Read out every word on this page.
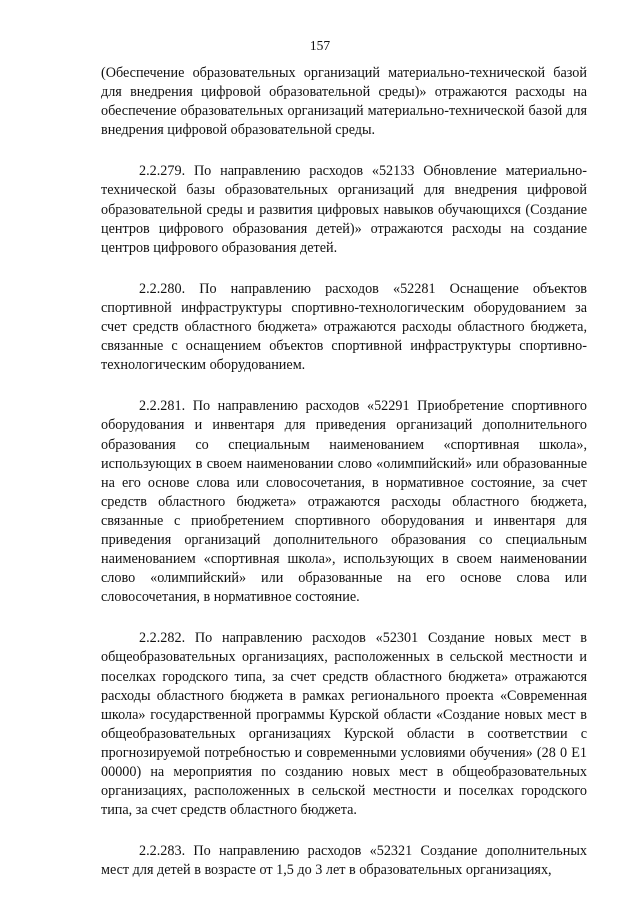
157

(Обеспечение образовательных организаций материально-технической базой для внедрения цифровой образовательной среды)» отражаются расходы на обеспечение образовательных организаций материально-технической базой для внедрения цифровой образовательной среды.

2.2.279. По направлению расходов «52133 Обновление материально-технической базы образовательных организаций для внедрения цифровой образовательной среды и развития цифровых навыков обучающихся (Создание центров цифрового образования детей)» отражаются расходы на создание центров цифрового образования детей.

2.2.280. По направлению расходов «52281 Оснащение объектов спортивной инфраструктуры спортивно-технологическим оборудованием за счет средств областного бюджета» отражаются расходы областного бюджета, связанные с оснащением объектов спортивной инфраструктуры спортивно-технологическим оборудованием.

2.2.281. По направлению расходов «52291 Приобретение спортивного оборудования и инвентаря для приведения организаций дополнительного образования со специальным наименованием «спортивная школа», использующих в своем наименовании слово «олимпийский» или образованные на его основе слова или словосочетания, в нормативное состояние, за счет средств областного бюджета» отражаются расходы областного бюджета, связанные с приобретением спортивного оборудования и инвентаря для приведения организаций дополнительного образования со специальным наименованием «спортивная школа», использующих в своем наименовании слово «олимпийский» или образованные на его основе слова или словосочетания, в нормативное состояние.

2.2.282. По направлению расходов «52301 Создание новых мест в общеобразовательных организациях, расположенных в сельской местности и поселках городского типа, за счет средств областного бюджета» отражаются расходы областного бюджета в рамках регионального проекта «Современная школа» государственной программы Курской области «Создание новых мест в общеобразовательных организациях Курской области в соответствии с прогнозируемой потребностью и современными условиями обучения» (28 0 Е1 00000) на мероприятия по созданию новых мест в общеобразовательных организациях, расположенных в сельской местности и поселках городского типа, за счет средств областного бюджета.

2.2.283. По направлению расходов «52321 Создание дополнительных мест для детей в возрасте от 1,5 до 3 лет в образовательных организациях,
